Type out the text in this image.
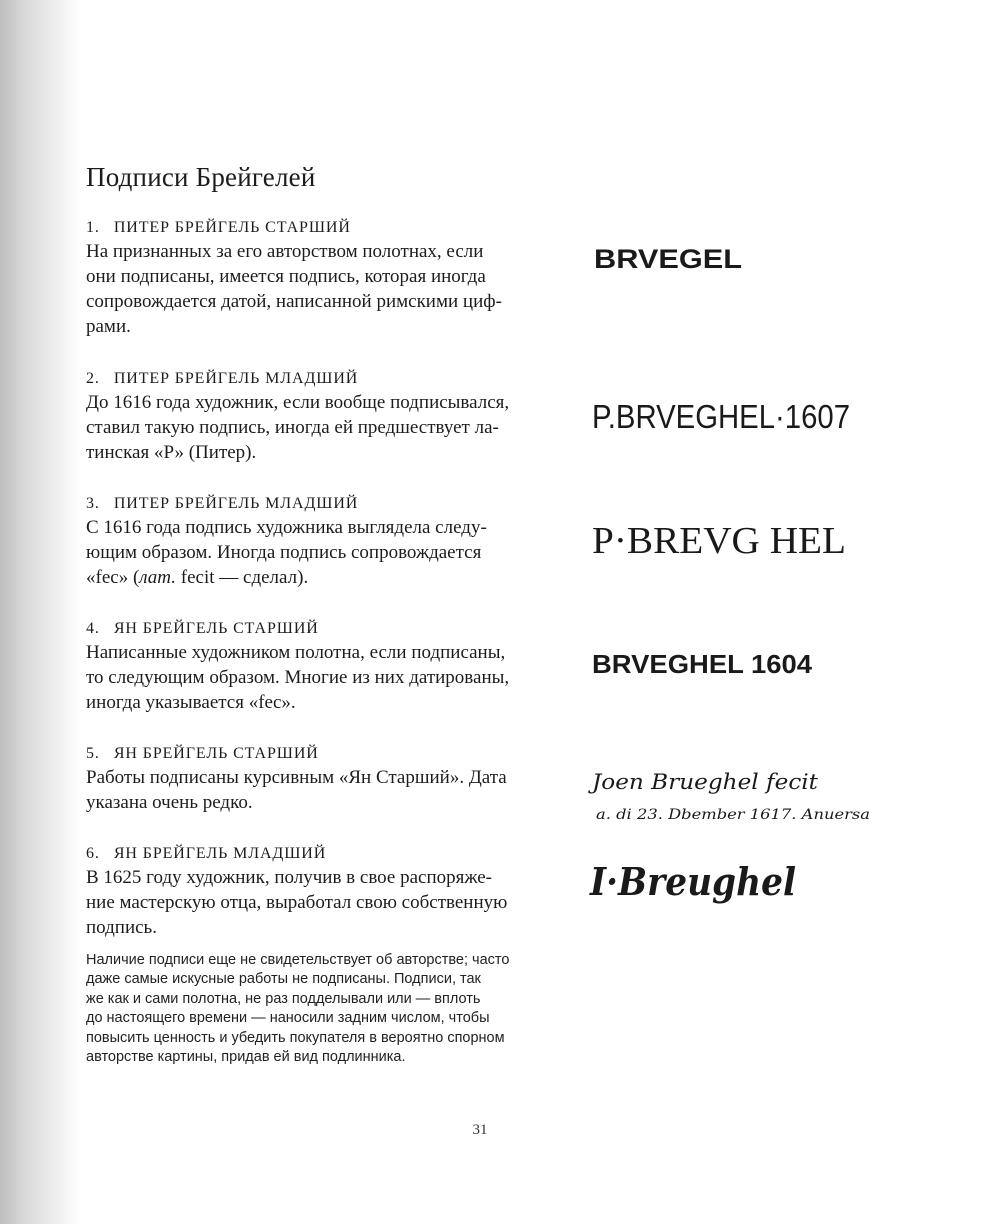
Подписи Брейгелей
1. ПИТЕР БРЕЙГЕЛЬ СТАРШИЙ
На признанных за его авторством полотнах, если
они подписаны, имеется подпись, которая иногда
сопровождается датой, написанной римскими циф-
рами.
2. ПИТЕР БРЕЙГЕЛЬ МЛАДШИЙ
До 1616 года художник, если вообще подписывался,
ставил такую подпись, иногда ей предшествует ла-
тинская «Р» (Питер).
3. ПИТЕР БРЕЙГЕЛЬ МЛАДШИЙ
С 1616 года подпись художника выглядела следу-
ющим образом. Иногда подпись сопровождается
«fec» (лат. fecit — сделал).
4. ЯН БРЕЙГЕЛЬ СТАРШИЙ
Написанные художником полотна, если подписаны,
то следующим образом. Многие из них датированы,
иногда указывается «fec».
5. ЯН БРЕЙГЕЛЬ СТАРШИЙ
Работы подписаны курсивным «Ян Старший». Дата
указана очень редко.
6. ЯН БРЕЙГЕЛЬ МЛАДШИЙ
В 1625 году художник, получив в свое распоряже-
ние мастерскую отца, выработал свою собственную
подпись.
Наличие подписи еще не свидетельствует об авторстве; часто
даже самые искусные работы не подписаны. Подписи, так
же как и сами полотна, не раз подделывали или — вплоть
до настоящего времени — наносили задним числом, чтобы
повысить ценность и убедить покупателя в вероятно спорном
авторстве картины, придав ей вид подлинника.
BRVEGEL
P.BRVEGHEL·1607
P·BREVG HEL
BRVEGHEL 1604
Joen Brueghel fecit
a. di 23. Dbember 1617. Anuersa
I·Breughel
31
